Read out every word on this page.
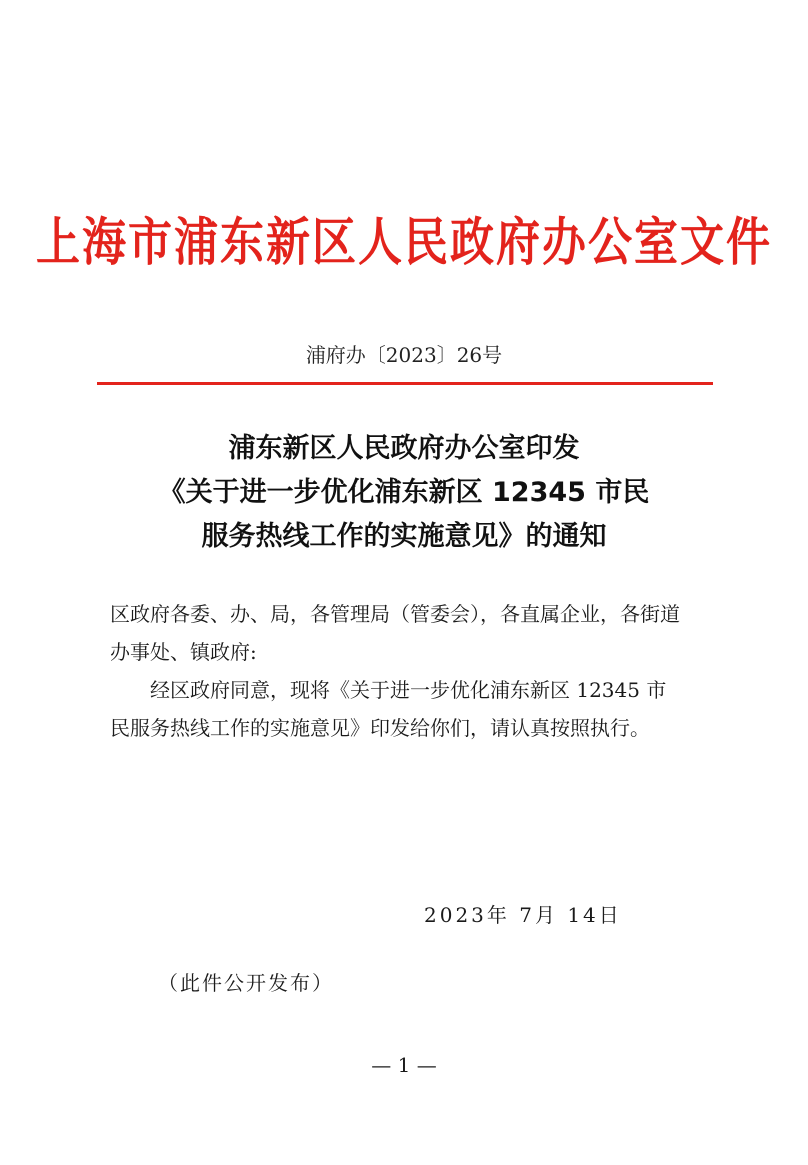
上海市浦东新区人民政府办公室文件
浦府办〔2023〕26号
浦东新区人民政府办公室印发
《关于进一步优化浦东新区 12345 市民
服务热线工作的实施意见》的通知

区政府各委、办、局，各管理局（管委会），各直属企业，各街道

办事处、镇政府:

经区政府同意，现将《关于进一步优化浦东新区 12345 市

民服务热线工作的实施意见》印发给你们，请认真按照执行。

2023年 7月 14日
（此件公开发布）
— 1 —
